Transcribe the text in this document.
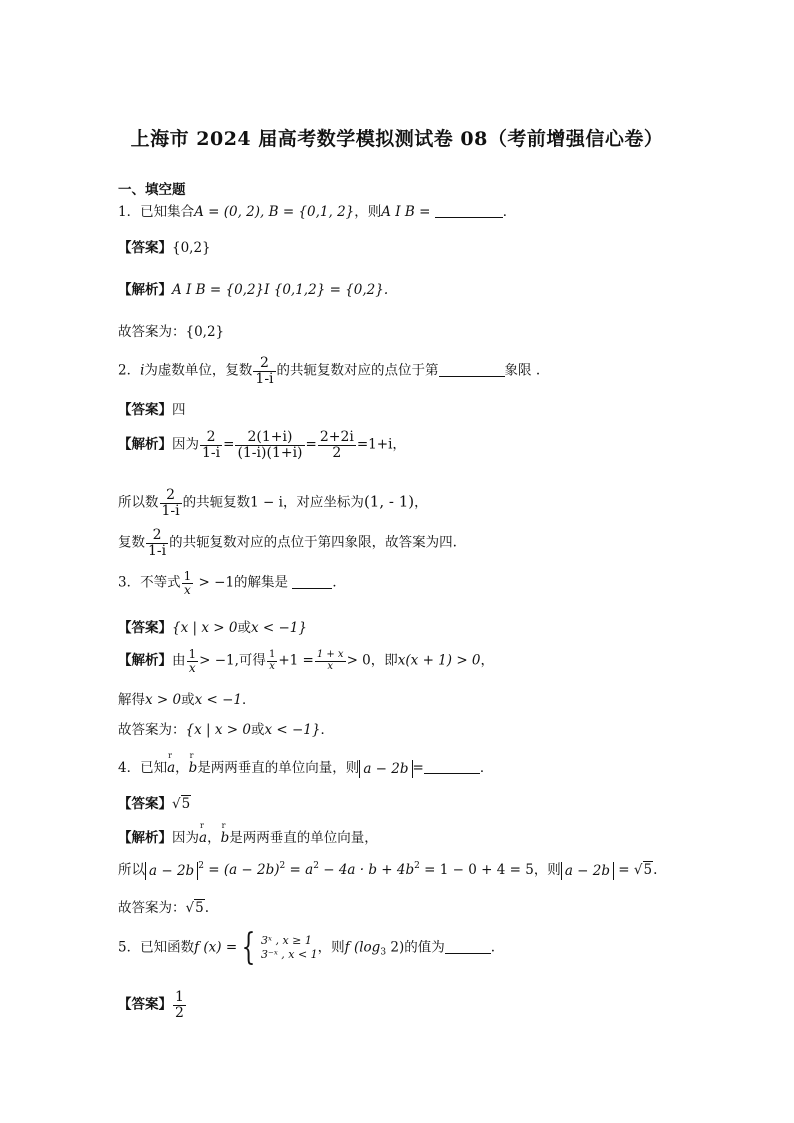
上海市 2024 届高考数学模拟测试卷 08（考前增强信心卷）
一、填空题
1．已知集合A = (0, 2), B = {0,1, 2}，则A I B =	．
【答案】{0,2}
【解析】A I B = {0,2}I {0,1,2} = {0,2}.
故答案为：{0,2}
2．i为虚数单位，复数 $\frac{2}{1-i}$ 的共轭复数对应的点位于第	象限 .
【答案】四
【解析】因为 $\frac{2}{1-i} = \frac{2(1+i)}{(1-i)(1+i)} = \frac{2+2i}{2} =1+i$，
所以数 $\frac{2}{1-i}$ 的共轭复数1 − i，对应坐标为(1, - 1)，
复数 $\frac{2}{1-i}$ 的共轭复数对应的点位于第四象限，故答案为四.
3．不等式 $\frac{1}{x} > -1$的解集是	．
【答案】{x | x > 0或x < −1}
【解析】由 $\frac{1}{x} > -1$,可得 $\frac{1}{x} +1 = \frac{1 + x}{x} > 0$，即x(x + 1) > 0，
解得x > 0或x < −1．
故答案为：{x | x > 0或x < −1}．
4．已知r a，r b是两两垂直的单位向量，则 a − 2b =	．
【答案】√5
【解析】因为r a，r b是两两垂直的单位向量，
所以 a − 2b $^2 = (a - 2b)^2 = a^2 - 4a \cdot b + 4b^2 = 1 - 0 + 4 = 5$，则 a − 2b = √5.
故答案为：√5.
5．已知函数f (x) = { 3ˣ , x ≥ 1
3⁻ˣ , x < 1 ，则f ($\log_3$ 2)的值为	.
【答案】 $\frac{1}{2}$
